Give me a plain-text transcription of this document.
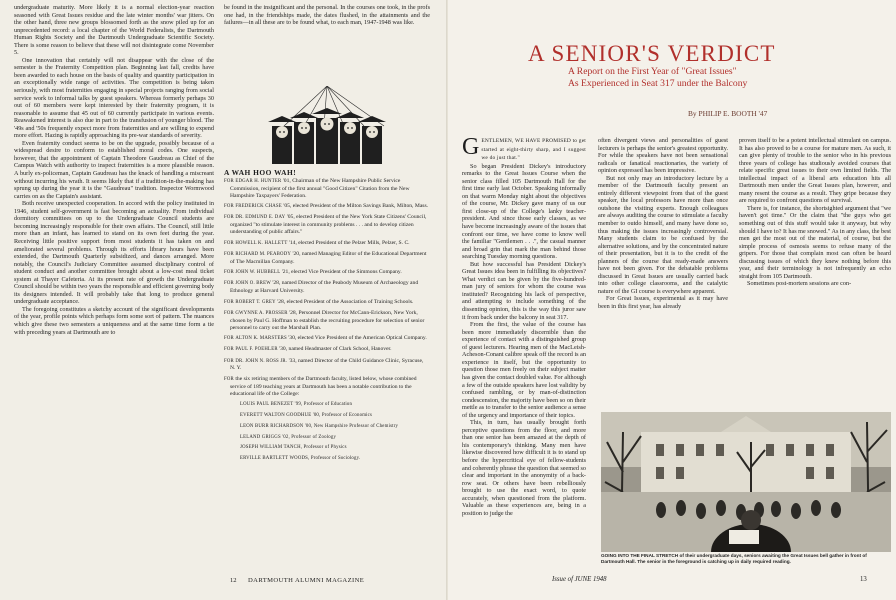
undergraduate maturity. More likely it is a normal election-year reaction seasoned with Great Issues residue and the late winter months' war jitters. On the other hand, three new groups blossomed forth as the snow piled up for an unprecedented record: a local chapter of the World Federalists, the Dartmouth Human Rights Society and the Dartmouth Undergraduate Scientific Society. There is some reason to believe that these will not disintegrate come November 5.

One innovation that certainly will not disappear with the close of the semester is the Fraternity Competition plan. Beginning last fall, credits have been awarded to each house on the basis of quality and quantity participation in an exceptionally wide range of activities. The competition is being taken seriously, with most fraternities engaging in special projects ranging from social service work to informal talks by guest speakers. Whereas formerly perhaps 30 out of 60 members were kept interested by their fraternity program, it is reasonable to assume that 45 out of 60 currently participate in various events. Reawakened interest is also due in part to the transfusion of younger blood. The '49s and '50s frequently expect more from fraternities and are willing to expend more effort. Hazing is rapidly approaching its pre-war standards of severity.

Even fraternity conduct seems to be on the upgrade, possibly because of a widespread desire to conform to established moral codes. One suspects, however, that the appointment of Captain Theodore Gaudreau as Chief of the Campus Watch with authority to inspect fraternities is a more plausible reason. A burly ex-policeman, Captain Gaudreau has the knack of handling a miscreant without incurring his wrath. It seems likely that if a tradition-in-the-making has sprung up during the year it is the "Gaudreau" tradition. Inspector Wormwood carries on as the Captain's assistant.

Both receive unexpected cooperation. In accord with the policy instituted in 1946, student self-government is fast becoming an actuality. From individual dormitory committees on up to the Undergraduate Council students are becoming increasingly responsible for their own affairs. The Council, still little more than an infant, has learned to stand on its own feet during the year. Receiving little positive support from most students it has taken on and ameliorated several problems. Through its efforts library hours have been extended, the Dartmouth Quarterly subsidized, and dances arranged. More notably, the Council's Judiciary Committee assumed disciplinary control of student conduct and another committee brought about a low-cost meal ticket system at Thayer Cafeteria. At its present rate of growth the Undergraduate Council should be within two years the responsible and efficient governing body its designers intended. It will probably take that long to produce general undergraduate acceptance.

The foregoing constitutes a sketchy account of the significant developments of the year, profile points which perhaps form some sort of pattern. The nuances which give these two semesters a uniqueness and at the same time form a tie with preceding years at Dartmouth are to

be found in the insignificant and the personal. In the courses one took, in the profs one had, in the friendships made, the dates flushed, in the attainments and the failures—in all these are to be found what, to each man, 1947-1948 was like.

A WAH HOO WAH!
FOR EDGAR H. HUNTER '01, Chairman of the New Hampshire Public Service Commission, recipient of the first annual "Good Citizen" Citation from the New Hampshire Taxpayers' Federation.
FOR FREDERICK CHASE '05, elected President of the Milton Savings Bank, Milton, Mass.
FOR DR. EDMUND E. DAY '05, elected President of the New York State Citizens' Council, organized "to stimulate interest in community problems . . . and to develop citizen understanding of public affairs."
FOR HOWELL K. HALLETT '14, elected President of the Pelzer Mills, Pelzer, S. C.
FOR RICHARD M. PEABODY '20, named Managing Editor of the Educational Department of The Macmillan Company.
FOR JOHN W. HUBBELL '21, elected Vice President of the Simmons Company.
FOR JOHN O. BREW '28, named Director of the Peabody Museum of Archaeology and Ethnology at Harvard University.
FOR ROBERT T. GREY '28, elected President of the Association of Training Schools.
FOR GWYNNE A. PROSSER '28, Personnel Director for McCann-Erickson, New York, chosen by Paul G. Hoffman to establish the recruiting procedure for selection of senior personnel to carry out the Marshall Plan.
FOR ALTON K. MARSTERS '30, elected Vice President of the American Optical Company.
FOR PAUL F. POEHLER '30, named Headmaster of Clark School, Hanover.
FOR DR. JOHN N. ROSS JR. '33, named Director of the Child Guidance Clinic, Syracuse, N. Y.
FOR the six retiring members of the Dartmouth faculty, listed below, whose combined service of 189 teaching years at Dartmouth has been a notable contribution to the educational life of the College:
LOUIS PAUL BENEZET '99, Professor of Education
EVERETT WALTON GOODHUE '00, Professor of Economics
LEON BURR RICHARDSON '00, New Hampshire Professor of Chemistry
LELAND GRIGGS '02, Professor of Zoology
JOSEPH WILLIAM TANCH, Professor of Physics
ERVILLE BARTLETT WOODS, Professor of Sociology.
12 DARTMOUTH ALUMNI MAGAZINE
A SENIOR'S VERDICT
A Report on the First Year of "Great Issues"
As Experienced in Seat 317 under the Balcony
By PHILIP E. BOOTH '47

GENTLEMEN, WE HAVE PROMISED to get started at eight-thirty sharp, and I suggest we do just that."

So began President Dickey's introductory remarks to the Great Issues Course when the senior class filled 105 Dartmouth Hall for the first time early last October. Speaking informally on that warm Monday night about the objectives of the course, Mr. Dickey gave many of us our first close-up of the College's lanky teacher-president. And since those early classes, as we have become increasingly aware of the issues that confront our time, we have come to know well the familiar "Gentlemen . . .", the casual manner and broad grin that mark the man behind those searching Tuesday morning questions.

But how successful has President Dickey's Great Issues idea been in fulfilling its objectives? What verdict can be given by the five-hundred-man jury of seniors for whom the course was instituted? Recognizing his lack of perspective, and attempting to include something of the dissenting opinion, this is the way this juror saw it from back under the balcony in seat 317.

From the first, the value of the course has been more immediately discernible than the experience of contact with a distinguished group of guest lecturers. Hearing men of the MacLeish-Acheson-Conant calibre speak off the record is an experience in itself, but the opportunity to question those men freely on their subject matter has given the contact doubled value. For although a few of the outside speakers have lost validity by confused rambling, or by man-of-distinction condescension, the majority have been so on their mettle as to transfer to the senior audience a sense of the urgency and importance of their topics.

This, in turn, has usually brought forth perceptive questions from the floor, and more than one senior has been amazed at the depth of his contemporary's thinking. Many men have likewise discovered how difficult it is to stand up before the hypercritical eye of fellow-students and coherently phrase the question that seemed so clear and important in the anonymity of a back-row seat. Or others have been rebelliously brought to use the exact word, to quote accurately, when questioned from the platform. Valuable as these experiences are, being in a position to judge the

often divergent views and personalities of guest lecturers is perhaps the senior's greatest opportunity. For while the speakers have not been sensational radicals or fanatical reactionaries, the variety of opinion expressed has been impressive.

But not only may an introductory lecture by a member of the Dartmouth faculty present an entirely different viewpoint from that of the guest speaker, the local professors have more than once outshone the visiting experts. Enough colleagues are always auditing the course to stimulate a faculty member to outdo himself, and many have done so, thus making the issues increasingly controversial. Many students claim to be confused by the alternative solutions, and by the concentrated nature of their presentation, but it is to the credit of the planners of the course that ready-made answers have not been given. For the debatable problems discussed in Great Issues are usually carried back into other college classrooms, and the catalytic nature of the GI course is everywhere apparent.

For Great Issues, experimental as it may have been in this first year, has already

proven itself to be a potent intellectual stimulant on campus. It has also proved to be a course for mature men. As such, it can give plenty of trouble to the senior who in his previous three years of college has studiously avoided courses that relate specific great issues to their own limited fields. The intellectual impact of a liberal arts education hits all Dartmouth men under the Great Issues plan, however, and many resent the course as a result. They gripe because they are required to confront questions of survival.

There is, for instance, the shortsighted argument that "we haven't got time." Or the claim that "the guys who get something out of this stuff would take it anyway, but why should I have to? It has me snowed." As in any class, the best men get the most out of the material, of course, but the simple process of osmosis seems to refuse many of the gripers. For those that complain most can often be heard discussing issues of which they knew nothing before this year, and their terminology is not infrequently an echo straight from 105 Dartmouth.

Sometimes post-mortem sessions are con-

GOING INTO THE FINAL STRETCH of their undergraduate days, seniors awaiting the Great Issues bell gather in front of Dartmouth Hall. The senior in the foreground is catching up in daily required reading.
Issue of JUNE 1948	13
